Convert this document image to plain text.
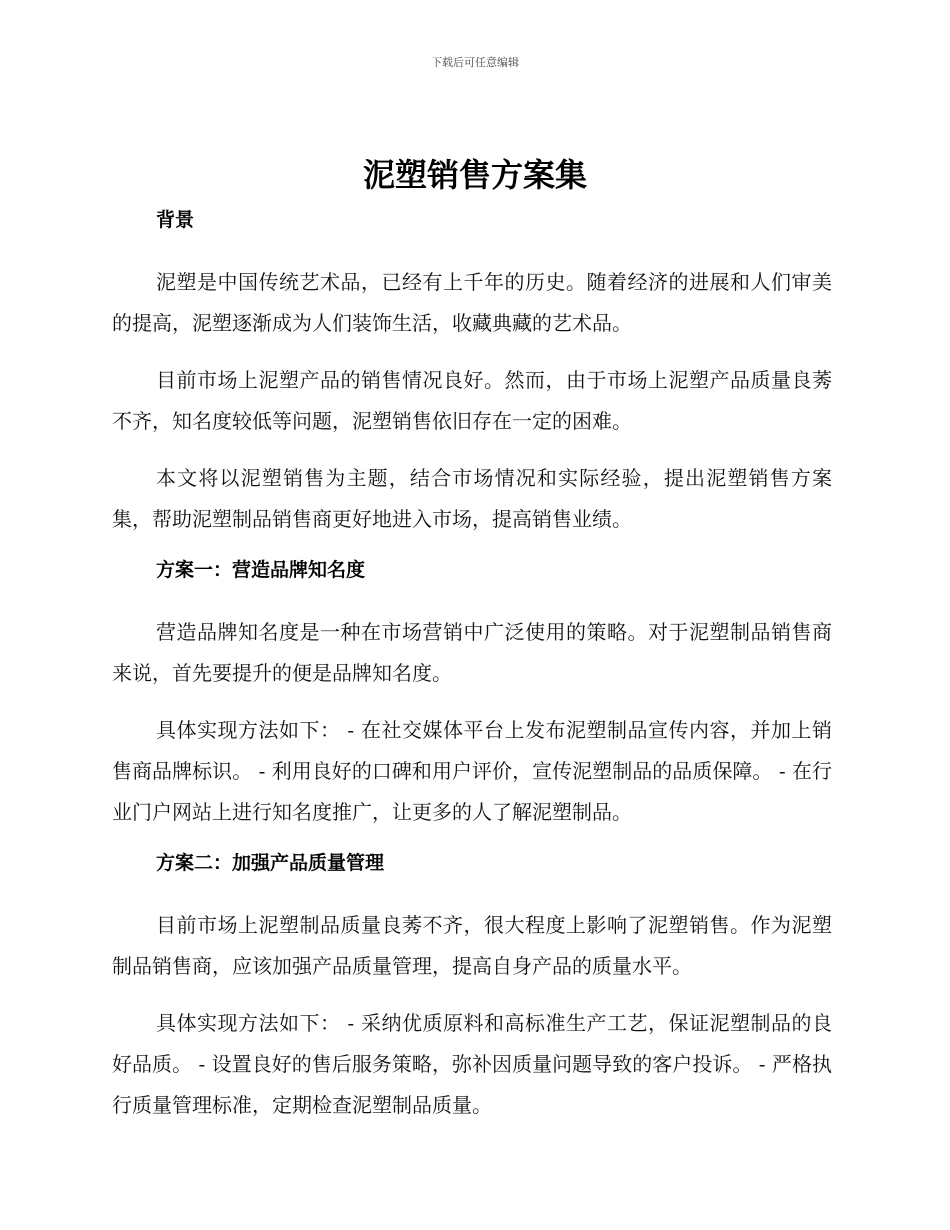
下载后可任意编辑
泥塑销售方案集
背景

泥塑是中国传统艺术品，已经有上千年的历史。随着经济的进展和人们审美的提高，泥塑逐渐成为人们装饰生活，收藏典藏的艺术品。

目前市场上泥塑产品的销售情况良好。然而，由于市场上泥塑产品质量良莠不齐，知名度较低等问题，泥塑销售依旧存在一定的困难。

本文将以泥塑销售为主题，结合市场情况和实际经验，提出泥塑销售方案集，帮助泥塑制品销售商更好地进入市场，提高销售业绩。

方案一：营造品牌知名度

营造品牌知名度是一种在市场营销中广泛使用的策略。对于泥塑制品销售商来说，首先要提升的便是品牌知名度。

具体实现方法如下： - 在社交媒体平台上发布泥塑制品宣传内容，并加上销售商品牌标识。 - 利用良好的口碑和用户评价，宣传泥塑制品的品质保障。 - 在行业门户网站上进行知名度推广，让更多的人了解泥塑制品。

方案二：加强产品质量管理

目前市场上泥塑制品质量良莠不齐，很大程度上影响了泥塑销售。作为泥塑制品销售商，应该加强产品质量管理，提高自身产品的质量水平。

具体实现方法如下： - 采纳优质原料和高标准生产工艺，保证泥塑制品的良好品质。 - 设置良好的售后服务策略，弥补因质量问题导致的客户投诉。 - 严格执行质量管理标准，定期检查泥塑制品质量。
